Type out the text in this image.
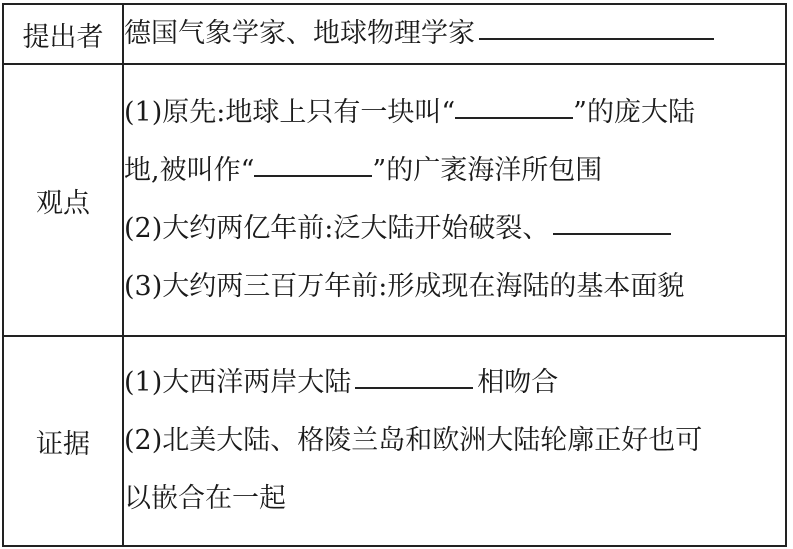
提出者	德国气象学家、地球物理学家

观点	(1)原先:地球上只有一块叫“ ”的庞大陆
地,被叫作“ ”的广袤海洋所包围
(2)大约两亿年前:泛大陆开始破裂、
(3)大约两三百万年前:形成现在海陆的基本面貌

证据	(1)大西洋两岸大陆 相吻合
(2)北美大陆、格陵兰岛和欧洲大陆轮廓正好也可
以嵌合在一起
